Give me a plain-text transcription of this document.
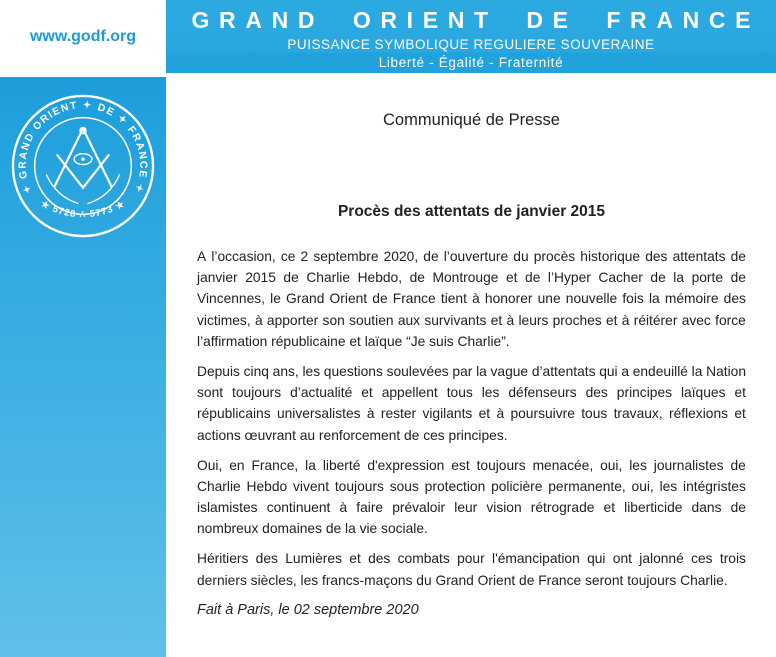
www.godf.org
GRAND ORIENT DE FRANCE
PUISSANCE SYMBOLIQUE REGULIERE SOUVERAINE
Liberté - Égalité - Fraternité
✦ GRAND ORIENT ✦ DE ✦ FRANCE ✦
★ 5728 ∴ 5773 ★
Communiqué de Presse
Procès des attentats de janvier 2015

A l’occasion, ce 2 septembre 2020, de l’ouverture du procès historique des attentats de
janvier 2015 de Charlie Hebdo, de Montrouge et de l’Hyper Cacher de la porte de
Vincennes, le Grand Orient de France tient à honorer une nouvelle fois la mémoire des
victimes, à apporter son soutien aux survivants et à leurs proches et à réitérer avec force
l’affirmation républicaine et laïque “Je suis Charlie”.

Depuis cinq ans, les questions soulevées par la vague d’attentats qui a endeuillé la Nation
sont toujours d’actualité et appellent tous les défenseurs des principes laïques et
républicains universalistes à rester vigilants et à poursuivre tous travaux, réflexions et
actions œuvrant au renforcement de ces principes.

Oui, en France, la liberté d'expression est toujours menacée, oui, les journalistes de
Charlie Hebdo vivent toujours sous protection policière permanente, oui, les intégristes
islamistes continuent à faire prévaloir leur vision rétrograde et liberticide dans de
nombreux domaines de la vie sociale.

Héritiers des Lumières et des combats pour l'émancipation qui ont jalonné ces trois
derniers siècles, les francs-maçons du Grand Orient de France seront toujours Charlie.

Fait à Paris, le 02 septembre 2020
